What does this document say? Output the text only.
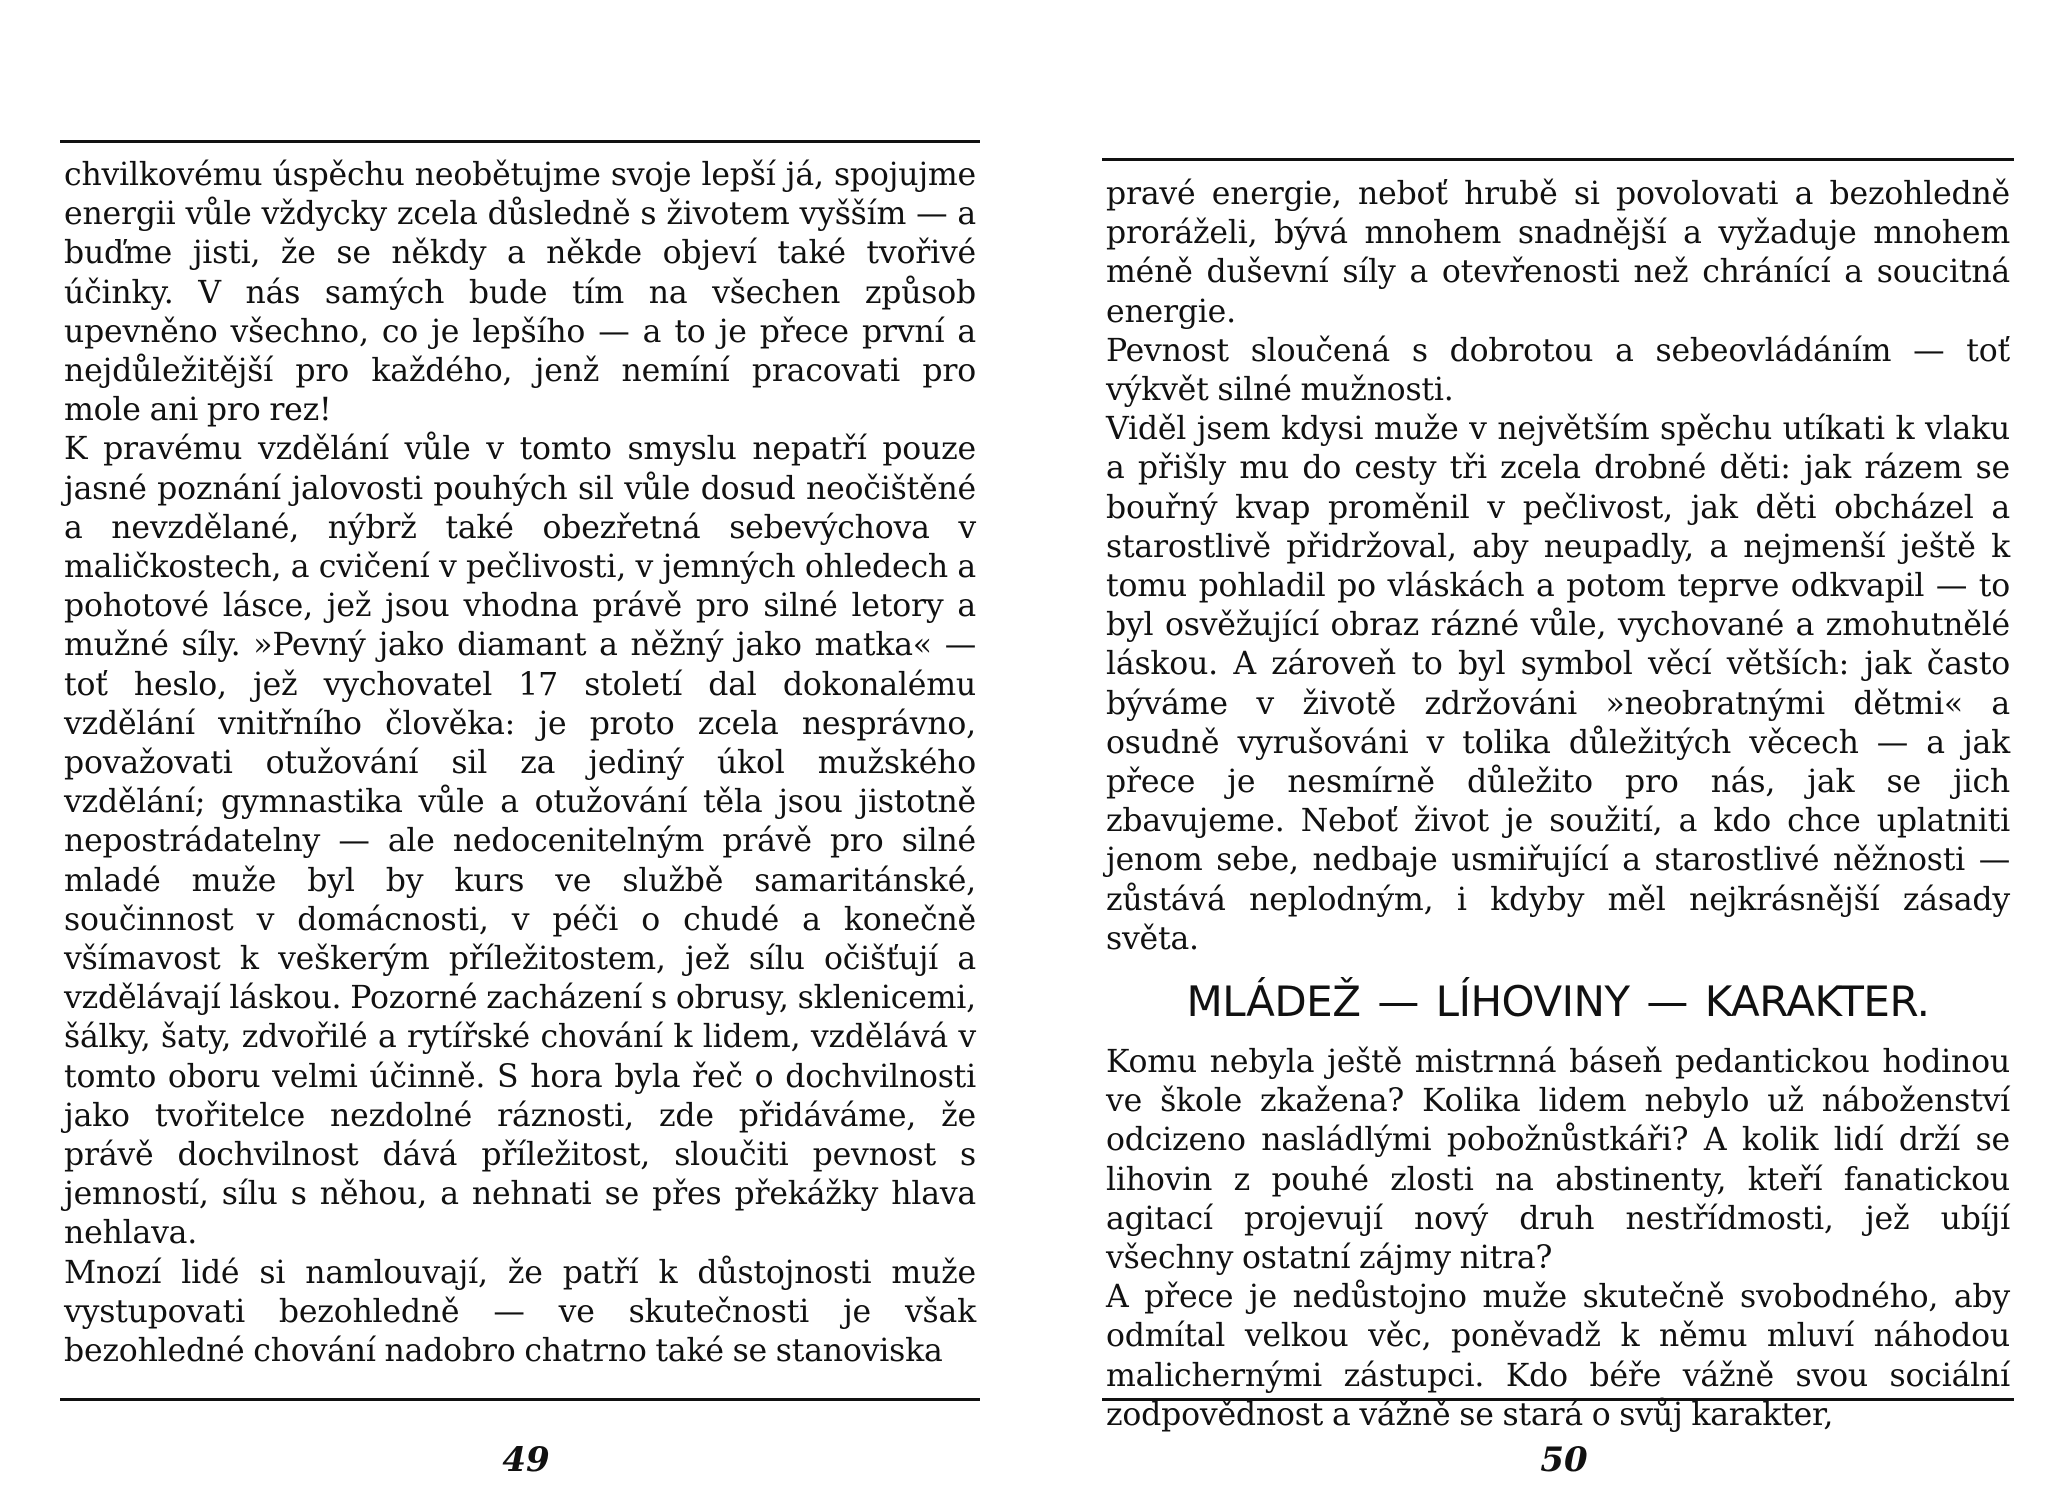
chvilkovému úspěchu neobětujme svoje lepší já, spojujme energii vůle vždycky zcela důsledně s životem vyšším — a buďme jisti, že se někdy a někde objeví také tvořivé účinky. V nás samých bude tím na všechen způsob upevněno všechno, co je lepšího — a to je přece první a nejdůležitější pro každého, jenž nemíní pracovati pro mole ani pro rez!

K pravému vzdělání vůle v tomto smyslu nepatří pouze jasné poznání jalovosti pouhých sil vůle dosud neočištěné a nevzdělané, nýbrž také obezřetná sebevýchova v maličkostech, a cvičení v pečlivosti, v jemných ohledech a pohotové lásce, jež jsou vhodna právě pro silné letory a mužné síly. »Pevný jako diamant a něžný jako matka« — toť heslo, jež vychovatel 17 století dal dokonalému vzdělání vnitřního člověka: je proto zcela nesprávno, považovati otužování sil za jediný úkol mužského vzdělání; gymnastika vůle a otužování těla jsou jistotně nepostrádatelny — ale nedocenitelným právě pro silné mladé muže byl by kurs ve službě samaritánské, součinnost v domácnosti, v péči o chudé a konečně všímavost k veškerým příležitostem, jež sílu očišťují a vzdělávají láskou. Pozorné zacházení s obrusy, sklenicemi, šálky, šaty, zdvořilé a rytířské chování k lidem, vzdělává v tomto oboru velmi účinně. S hora byla řeč o dochvilnosti jako tvořitelce nezdolné ráznosti, zde přidáváme, že právě dochvilnost dává příležitost, sloučiti pevnost s jemností, sílu s něhou, a nehnati se přes překážky hlava nehlava.

Mnozí lidé si namlouvají, že patří k důstojnosti muže vystupovati bezohledně — ve skutečnosti je však bezohledné chování nadobro chatrno také se stanoviska

49

pravé energie, neboť hrubě si povolovati a bezohledně proráželi, bývá mnohem snadnější a vyžaduje mnohem méně duševní síly a otevřenosti než chránící a soucitná energie.

Pevnost sloučená s dobrotou a sebeovládáním — toť výkvět silné mužnosti.

Viděl jsem kdysi muže v největším spěchu utíkati k vlaku a přišly mu do cesty tři zcela drobné děti: jak rázem se bouřný kvap proměnil v pečlivost, jak děti obcházel a starostlivě přidržoval, aby neupadly, a nejmenší ještě k tomu pohladil po vláskách a potom teprve odkvapil — to byl osvěžující obraz rázné vůle, vychované a zmohutnělé láskou. A zároveň to byl symbol věcí větších: jak často býváme v životě zdržováni »neobratnými dětmi« a osudně vyrušováni v tolika důležitých věcech — a jak přece je nesmírně důležito pro nás, jak se jich zbavujeme. Neboť život je soužití, a kdo chce uplatniti jenom sebe, nedbaje usmiřující a starostlivé něžnosti — zůstává neplodným, i kdyby měl nejkrásnější zásady světa.

MLÁDEŽ — LÍHOVINY — KARAKTER.

Komu nebyla ještě mistrnná báseň pedantickou hodinou ve škole zkažena? Kolika lidem nebylo už náboženství odcizeno nasládlými pobožnůstkáři? A kolik lidí drží se lihovin z pouhé zlosti na abstinenty, kteří fanatickou agitací projevují nový druh nestřídmosti, jež ubíjí všechny ostatní zájmy nitra?

A přece je nedůstojno muže skutečně svobodného, aby odmítal velkou věc, poněvadž k němu mluví náhodou malichernými zástupci. Kdo béře vážně svou sociální zodpovědnost a vážně se stará o svůj karakter,

50
